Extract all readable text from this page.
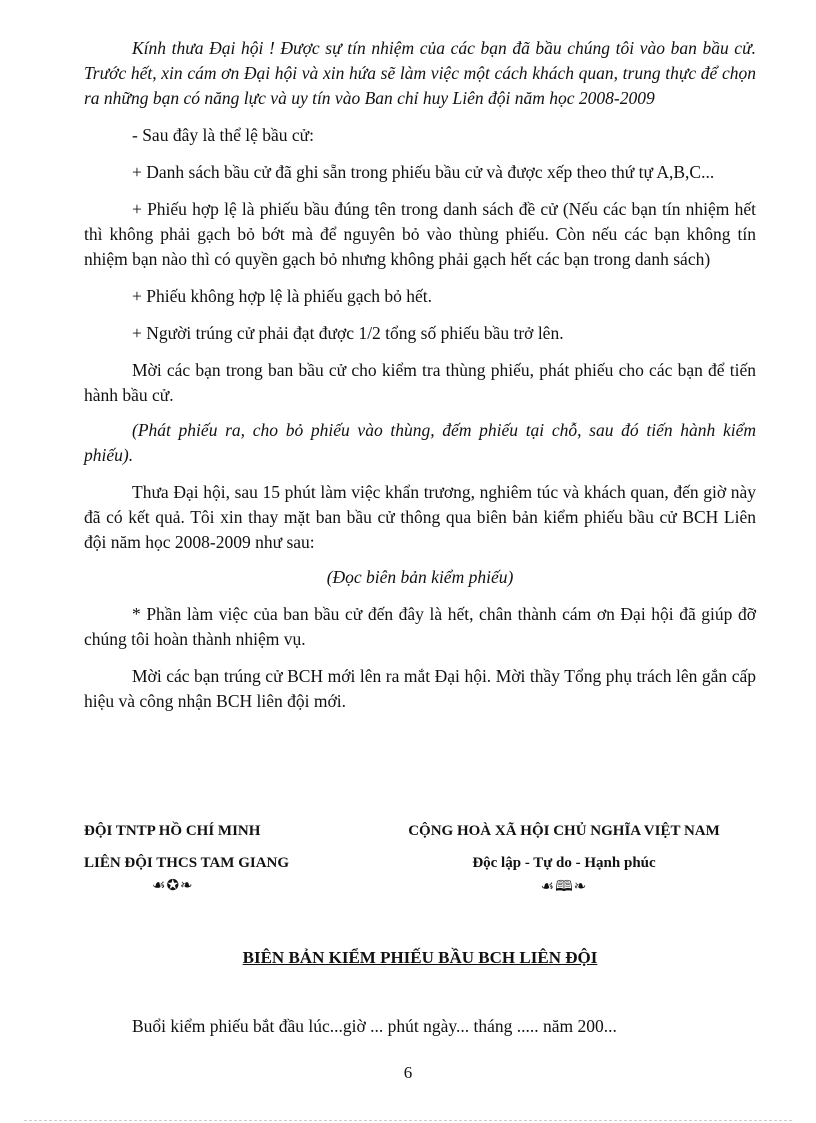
Kính thưa Đại hội ! Được sự tín nhiệm của các bạn đã bầu chúng tôi vào ban bầu cử. Trước hết, xin cám ơn Đại hội và xin hứa sẽ làm việc một cách khách quan, trung thực để chọn ra những bạn có năng lực và uy tín vào Ban chỉ huy Liên đội năm học 2008-2009

- Sau đây là thể lệ bầu cử:

+ Danh sách bầu cử đã ghi sẵn trong phiếu bầu cử và được xếp theo thứ tự A,B,C...

+ Phiếu hợp lệ là phiếu bầu đúng tên trong danh sách đề cử (Nếu các bạn tín nhiệm hết thì không phải gạch bỏ bớt mà để nguyên bỏ vào thùng phiếu. Còn nếu các bạn không tín nhiệm bạn nào thì có quyền gạch bỏ nhưng không phải gạch hết các bạn trong danh sách)

+ Phiếu không hợp lệ là phiếu gạch bỏ hết.

+ Người trúng cử phải đạt được 1/2 tổng số phiếu bầu trở lên.

Mời các bạn trong ban bầu cử cho kiểm tra thùng phiếu, phát phiếu cho các bạn để tiến hành bầu cử.

(Phát phiếu ra, cho bỏ phiếu vào thùng, đếm phiếu tại chỗ, sau đó tiến hành kiểm phiếu).

Thưa Đại hội, sau 15 phút làm việc khẩn trương, nghiêm túc và khách quan, đến giờ này đã có kết quả. Tôi xin thay mặt ban bầu cử thông qua biên bản kiểm phiếu bầu cử BCH Liên đội năm học 2008-2009 như sau:

(Đọc biên bản kiểm phiếu)

* Phần làm việc của ban bầu cử đến đây là hết, chân thành cám ơn Đại hội đã giúp đỡ chúng tôi hoàn thành nhiệm vụ.

Mời các bạn trúng cử BCH mới lên ra mắt Đại hội. Mời thầy Tổng phụ trách lên gắn cấp hiệu và công nhận BCH liên đội mới.

ĐỘI TNTP HỒ CHÍ MINH
LIÊN ĐỘI THCS TAM GIANG
☙✪❧
CỘNG HOÀ XÃ HỘI CHỦ NGHĨA VIỆT NAM
Độc lập - Tự do - Hạnh phúc
☙🕮❧
BIÊN BẢN KIỂM PHIẾU BẦU BCH LIÊN ĐỘI
Buổi kiểm phiếu bắt đầu lúc...giờ ... phút ngày... tháng ..... năm 200...
6
